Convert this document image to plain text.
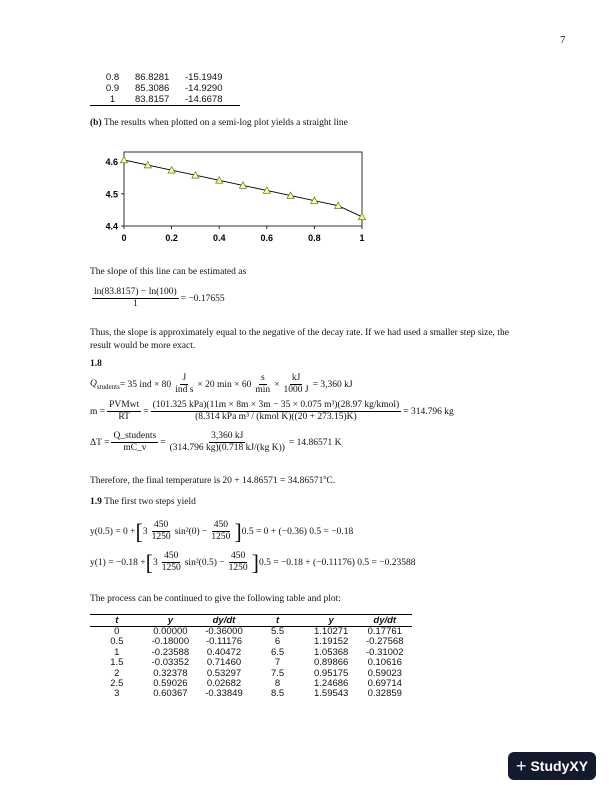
7
0.8	86.8281	-15.1949
0.9	85.3086	-14.9290
1	83.8157	-14.6678
(b) The results when plotted on a semi-log plot yields a straight line
4.4
4.5
4.6
0	0.2	0.4	0.6	0.8	1
The slope of this line can be estimated as
$\frac{\ln(83.8157) - \ln(100)}{1} = -0.17655$
Thus, the slope is approximately equal to the negative of the decay rate. If we had used a smaller step size, the result would be more exact.
1.8
$Q_{students} = 35$ ind × $80 \frac{J}{\text{ind s}} \times 20$ $\min \times 60 \frac{s}{\min} \times \frac{kJ}{1000 J} = 3,360$ kJ
$m = \frac{\text{PVMwt}}{RT} = \frac{\text{(101.325 kPa)(11m × 8m × 3m − 35 × 0.075 m³)(28.97 kg/kmol)}}{\text{(8.314 kPa m³ / (kmol K)((20 + 273.15)K)}} = 314.796$ kg
$\Delta T = \frac{\text{Q\_students}}{mC\_v} = \frac{3,360 kJ}{\text{(314.796 kg)(0.718 kJ/(kg K))}} = 14.86571$ K
Therefore, the final temperature is $20 + 14.86571 = 34.86571^oC$.
1.9 The first two steps yield
y(0.5) = 0 + [ $3 \frac{450}{1250} \sin^2(0) - \frac{450}{1250}$ ] 0.5 = 0 + (−0.36) 0.5 = −0.18
y(1) = −0.18 + [ $3 \frac{450}{1250} \sin^2(0.5) - \frac{450}{1250}$ ] 0.5 = −0.18 + (−0.11176) 0.5 = −0.23588
The process can be continued to give the following table and plot:
t	y	dy/dt	t	y	dy/dt
0	0.00000	-0.36000	5.5	1.10271	0.17761
0.5	-0.18000	-0.11176	6	1.19152	-0.27568
1	-0.23588	0.40472	6.5	1.05368	-0.31002
1.5	-0.03352	0.71460	7	0.89866	0.10616
2	0.32378	0.53297	7.5	0.95175	0.59023
2.5	0.59026	0.02682	8	1.24686	0.69714
3	0.60367	-0.33849	8.5	1.59543	0.32859
+ StudyXY
